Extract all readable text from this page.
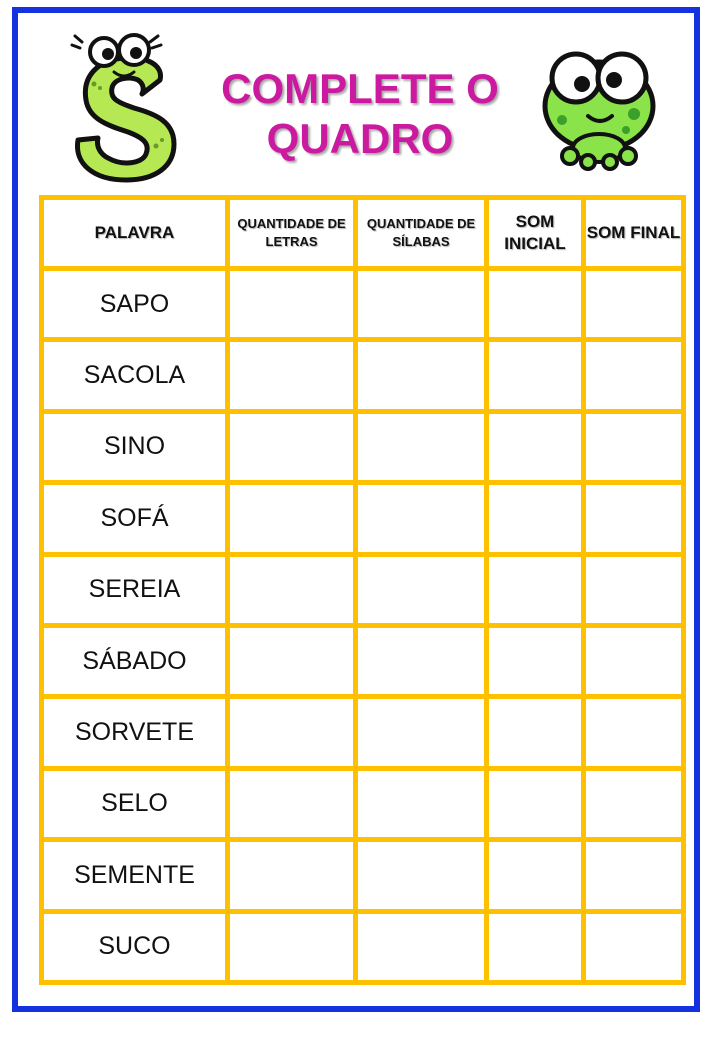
COMPLETE O
QUADRO
PALAVRA	QUANTIDADE DE LETRAS	QUANTIDADE DE SÍLABAS	SOM INICIAL	SOM FINAL
SAPO				
SACOLA				
SINO				
SOFÁ				
SEREIA				
SÁBADO				
SORVETE				
SELO				
SEMENTE				
SUCO				
